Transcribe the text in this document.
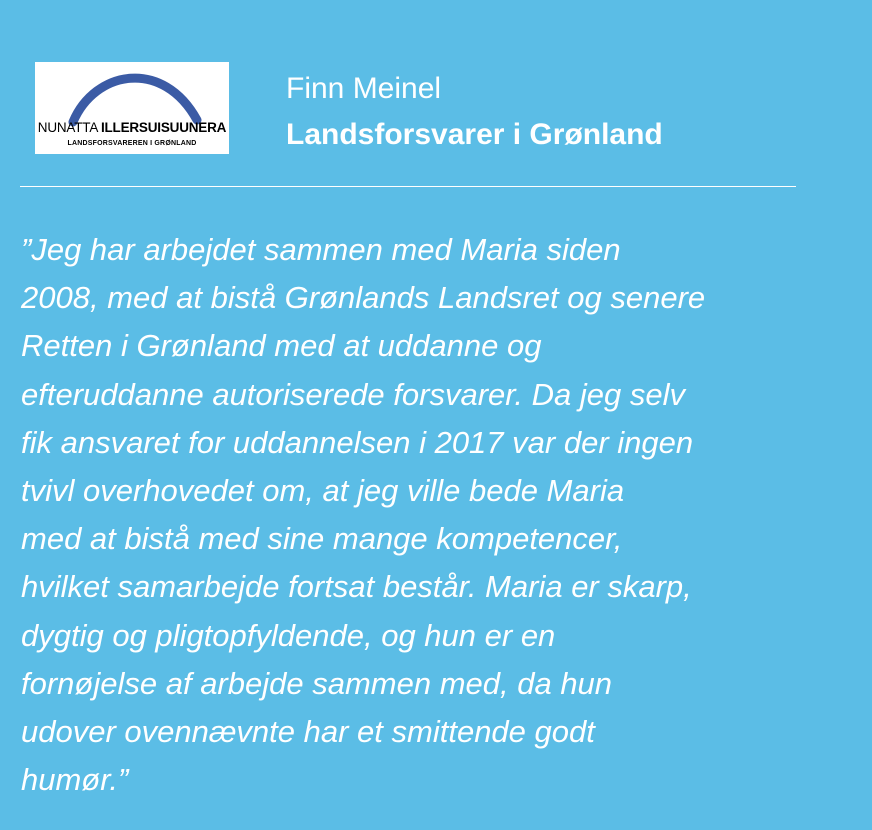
NUNATTA ILLERSUISUUNERA
LANDSFORSVAREREN I GRØNLAND
Finn Meinel
Landsforsvarer i Grønland

”Jeg har arbejdet sammen med Maria siden
2008, med at bistå Grønlands Landsret og senere
Retten i Grønland med at uddanne og
efteruddanne autoriserede forsvarer. Da jeg selv
fik ansvaret for uddannelsen i 2017 var der ingen
tvivl overhovedet om, at jeg ville bede Maria
med at bistå med sine mange kompetencer,
hvilket samarbejde fortsat består. Maria er skarp,
dygtig og pligtopfyldende, og hun er en
fornøjelse af arbejde sammen med, da hun
udover ovennævnte har et smittende godt
humør.”
